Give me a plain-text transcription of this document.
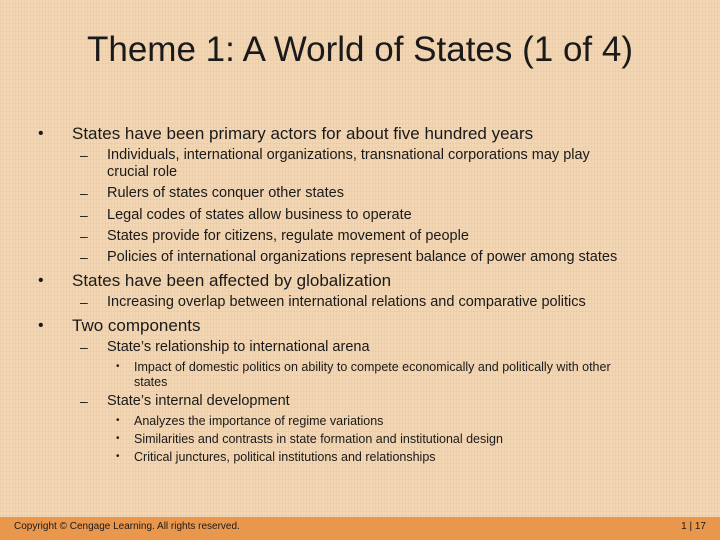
Theme 1: A World of States (1 of 4)
• States have been primary actors for about five hundred years
– Individuals, international organizations, transnational corporations may play
crucial role
– Rulers of states conquer other states
– Legal codes of states allow business to operate
– States provide for citizens, regulate movement of people
– Policies of international organizations represent balance of power among states
• States have been affected by globalization
– Increasing overlap between international relations and comparative politics
• Two components
– State’s relationship to international arena
• Impact of domestic politics on ability to compete economically and politically with other
states
– State’s internal development
• Analyzes the importance of regime variations
• Similarities and contrasts in state formation and institutional design
• Critical junctures, political institutions and relationships
Copyright © Cengage Learning. All rights reserved.	1 | 17
